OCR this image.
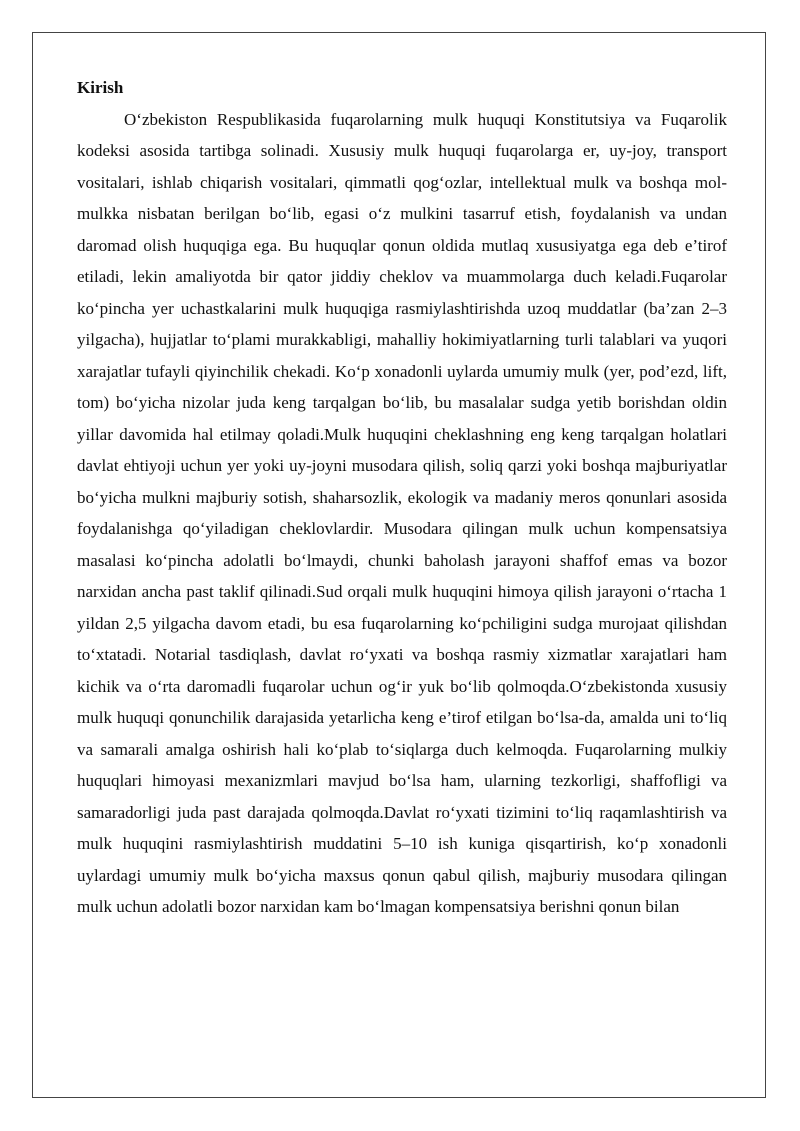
Kirish

O‘zbekiston Respublikasida fuqarolarning mulk huquqi Konstitutsiya va Fuqarolik kodeksi asosida tartibga solinadi. Xususiy mulk huquqi fuqarolarga er, uy-joy, transport vositalari, ishlab chiqarish vositalari, qimmatli qog‘ozlar, intellektual mulk va boshqa mol-mulkka nisbatan berilgan bo‘lib, egasi o‘z mulkini tasarruf etish, foydalanish va undan daromad olish huquqiga ega. Bu huquqlar qonun oldida mutlaq xususiyatga ega deb e’tirof etiladi, lekin amaliyotda bir qator jiddiy cheklov va muammolarga duch keladi.Fuqarolar ko‘pincha yer uchastkalarini mulk huquqiga rasmiylashtirishda uzoq muddatlar (ba’zan 2–3 yilgacha), hujjatlar to‘plami murakkabligi, mahalliy hokimiyatlarning turli talablari va yuqori xarajatlar tufayli qiyinchilik chekadi. Ko‘p xonadonli uylarda umumiy mulk (yer, pod’ezd, lift, tom) bo‘yicha nizolar juda keng tarqalgan bo‘lib, bu masalalar sudga yetib borishdan oldin yillar davomida hal etilmay qoladi.Mulk huquqini cheklashning eng keng tarqalgan holatlari davlat ehtiyoji uchun yer yoki uy-joyni musodara qilish, soliq qarzi yoki boshqa majburiyatlar bo‘yicha mulkni majburiy sotish, shaharsozlik, ekologik va madaniy meros qonunlari asosida foydalanishga qo‘yiladigan cheklovlardir. Musodara qilingan mulk uchun kompensatsiya masalasi ko‘pincha adolatli bo‘lmaydi, chunki baholash jarayoni shaffof emas va bozor narxidan ancha past taklif qilinadi.Sud orqali mulk huquqini himoya qilish jarayoni o‘rtacha 1 yildan 2,5 yilgacha davom etadi, bu esa fuqarolarning ko‘pchiligini sudga murojaat qilishdan to‘xtatadi. Notarial tasdiqlash, davlat ro‘yxati va boshqa rasmiy xizmatlar xarajatlari ham kichik va o‘rta daromadli fuqarolar uchun og‘ir yuk bo‘lib qolmoqda.O‘zbekistonda xususiy mulk huquqi qonunchilik darajasida yetarlicha keng e’tirof etilgan bo‘lsa-da, amalda uni to‘liq va samarali amalga oshirish hali ko‘plab to‘siqlarga duch kelmoqda. Fuqarolarning mulkiy huquqlari himoyasi mexanizmlari mavjud bo‘lsa ham, ularning tezkorligi, shaffofligi va samaradorligi juda past darajada qolmoqda.Davlat ro‘yxati tizimini to‘liq raqamlashtirish va mulk huquqini rasmiylashtirish muddatini 5–10 ish kuniga qisqartirish, ko‘p xonadonli uylardagi umumiy mulk bo‘yicha maxsus qonun qabul qilish, majburiy musodara qilingan mulk uchun adolatli bozor narxidan kam bo‘lmagan kompensatsiya berishni qonun bilan
